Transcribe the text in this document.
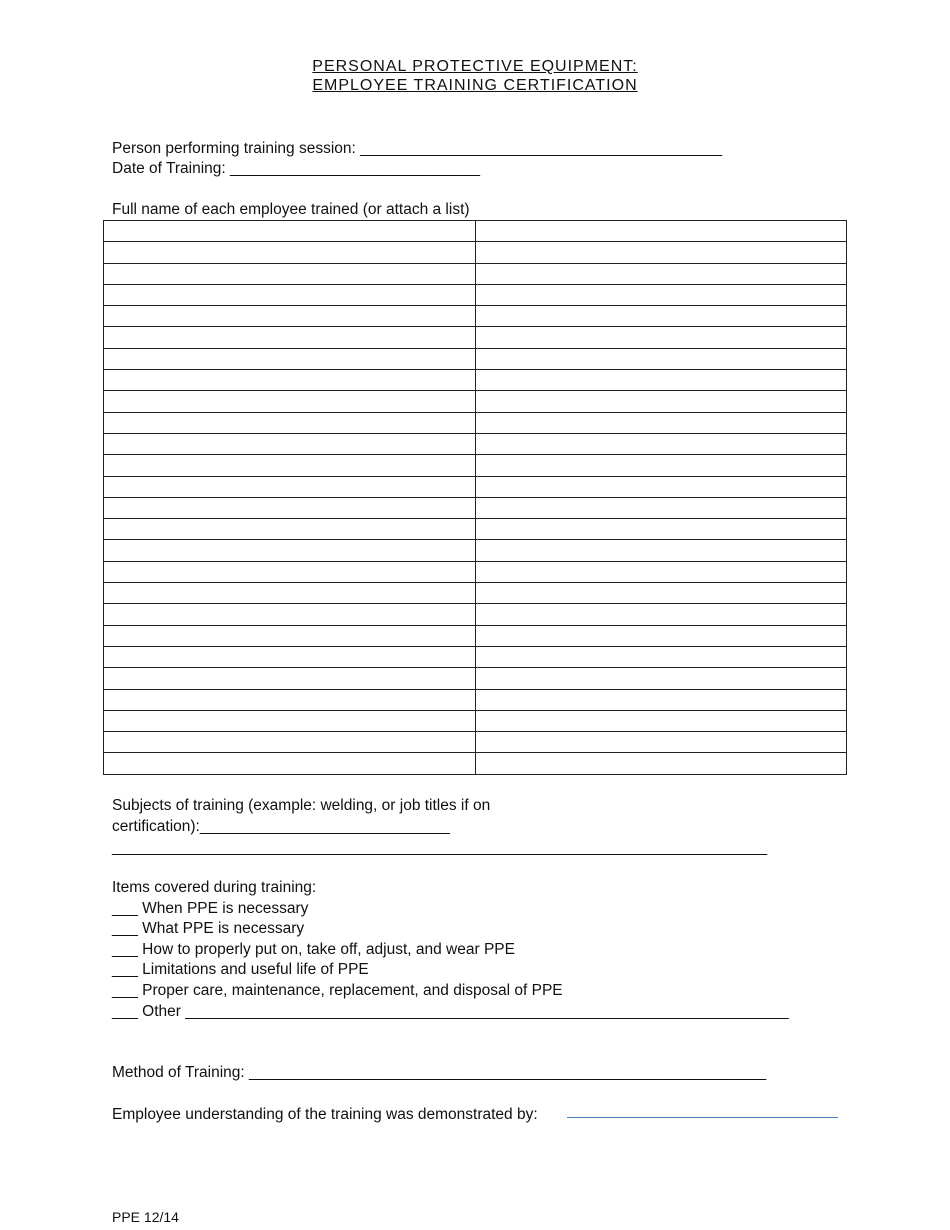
PERSONAL PROTECTIVE EQUIPMENT:
EMPLOYEE TRAINING CERTIFICATION
Person performing training session: __________________________________________
Date of Training: _____________________________
Full name of each employee trained (or attach a list)

Subjects of training (example: welding, or job titles if on
certification):_____________________________
____________________________________________________________________________
Items covered during training:
___ When PPE is necessary
___ What PPE is necessary
___ How to properly put on, take off, adjust, and wear PPE
___ Limitations and useful life of PPE
___ Proper care, maintenance, replacement, and disposal of PPE
___ Other ______________________________________________________________________
Method of Training: ____________________________________________________________
Employee understanding of the training was demonstrated by:
PPE 12/14
